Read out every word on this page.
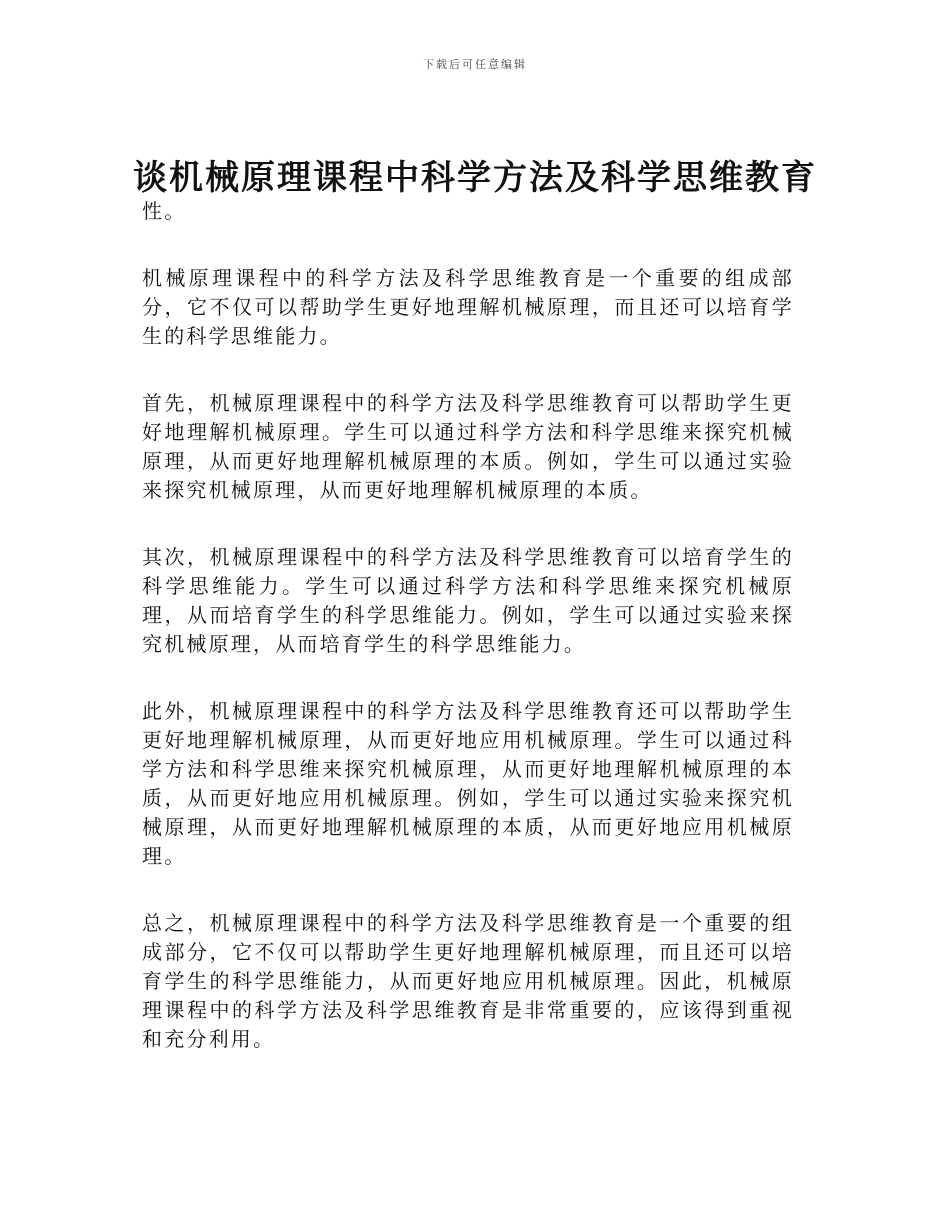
下载后可任意编辑
谈机械原理课程中科学方法及科学思维教育

性。

机械原理课程中的科学方法及科学思维教育是一个重要的组成部分，它不仅可以帮助学生更好地理解机械原理，而且还可以培育学生的科学思维能力。

首先，机械原理课程中的科学方法及科学思维教育可以帮助学生更好地理解机械原理。学生可以通过科学方法和科学思维来探究机械原理，从而更好地理解机械原理的本质。例如，学生可以通过实验来探究机械原理，从而更好地理解机械原理的本质。

其次，机械原理课程中的科学方法及科学思维教育可以培育学生的科学思维能力。学生可以通过科学方法和科学思维来探究机械原理，从而培育学生的科学思维能力。例如，学生可以通过实验来探究机械原理，从而培育学生的科学思维能力。

此外，机械原理课程中的科学方法及科学思维教育还可以帮助学生更好地理解机械原理，从而更好地应用机械原理。学生可以通过科学方法和科学思维来探究机械原理，从而更好地理解机械原理的本质，从而更好地应用机械原理。例如，学生可以通过实验来探究机械原理，从而更好地理解机械原理的本质，从而更好地应用机械原理。

总之，机械原理课程中的科学方法及科学思维教育是一个重要的组成部分，它不仅可以帮助学生更好地理解机械原理，而且还可以培育学生的科学思维能力，从而更好地应用机械原理。因此，机械原理课程中的科学方法及科学思维教育是非常重要的，应该得到重视和充分利用。
